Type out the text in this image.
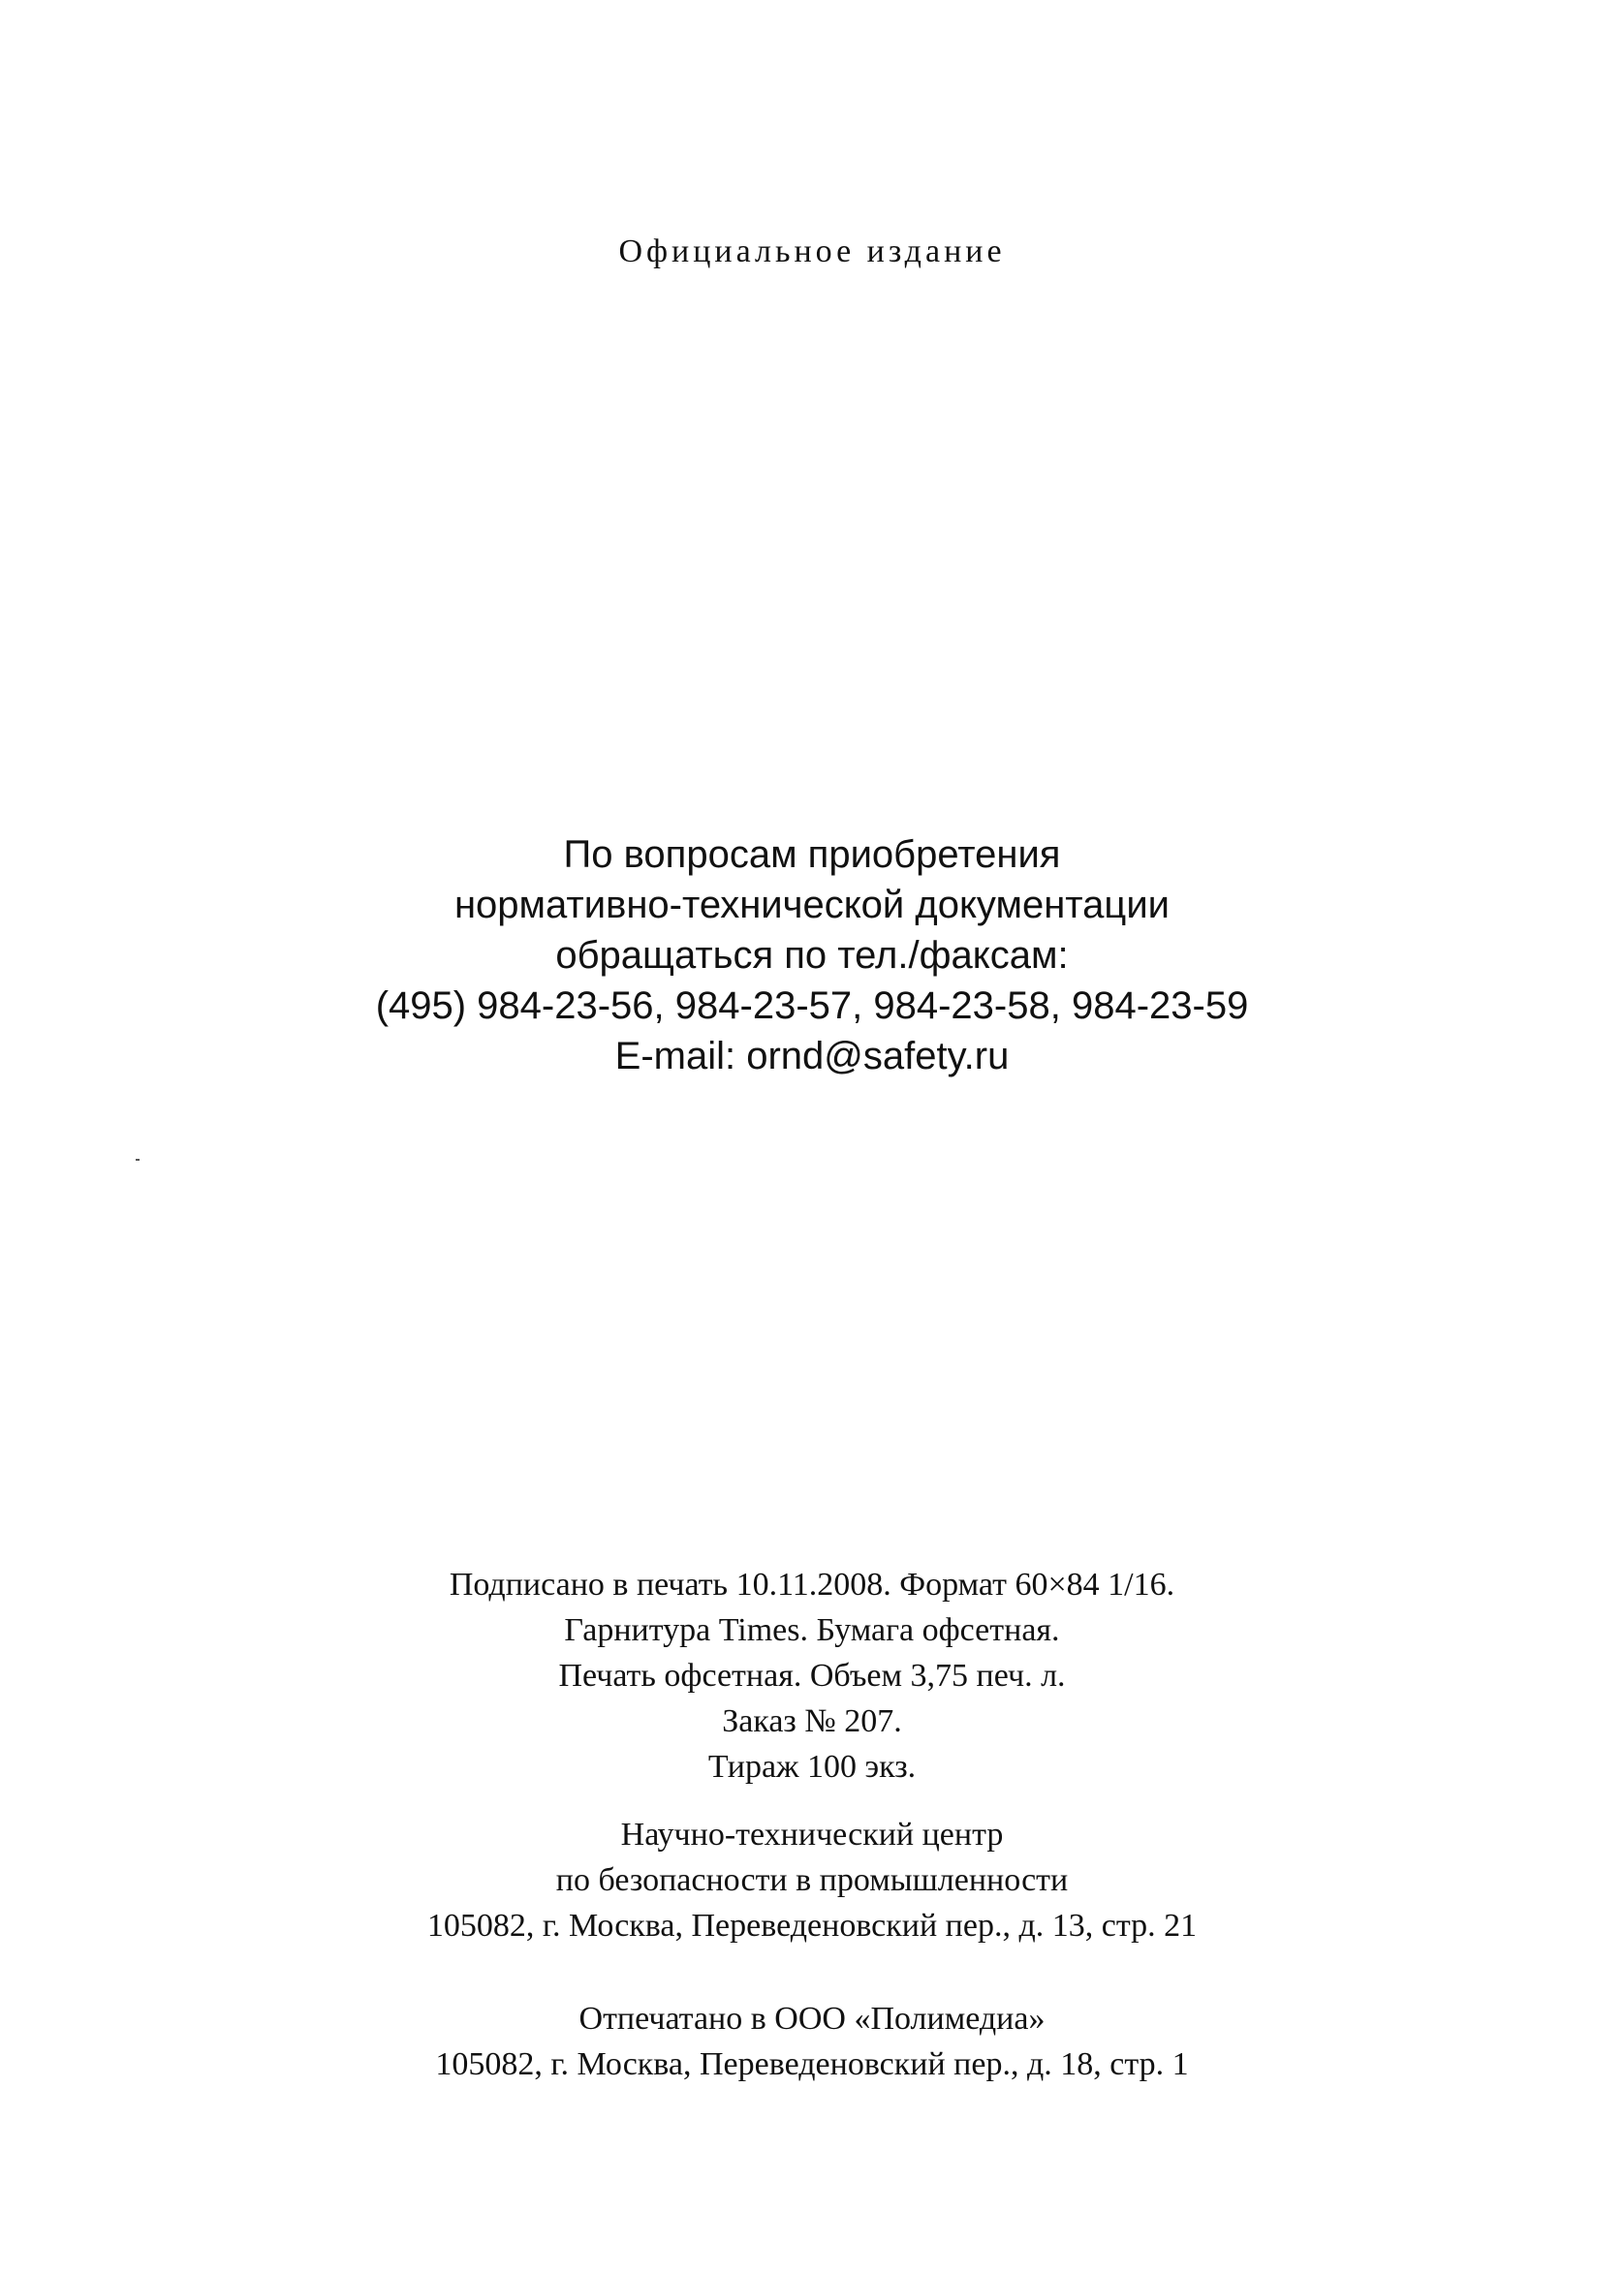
Официальное издание
По вопросам приобретения
нормативно-технической документации
обращаться по тел./факсам:
(495) 984-23-56, 984-23-57, 984-23-58, 984-23-59
E-mail: ornd@safety.ru
Подписано в печать 10.11.2008. Формат 60×84 1/16.
Гарнитура Times. Бумага офсетная.
Печать офсетная. Объем 3,75 печ. л.
Заказ № 207.
Тираж 100 экз.
Научно-технический центр
по безопасности в промышленности
105082, г. Москва, Переведеновский пер., д. 13, стр. 21
Отпечатано в ООО «Полимедиа»
105082, г. Москва, Переведеновский пер., д. 18, стр. 1
